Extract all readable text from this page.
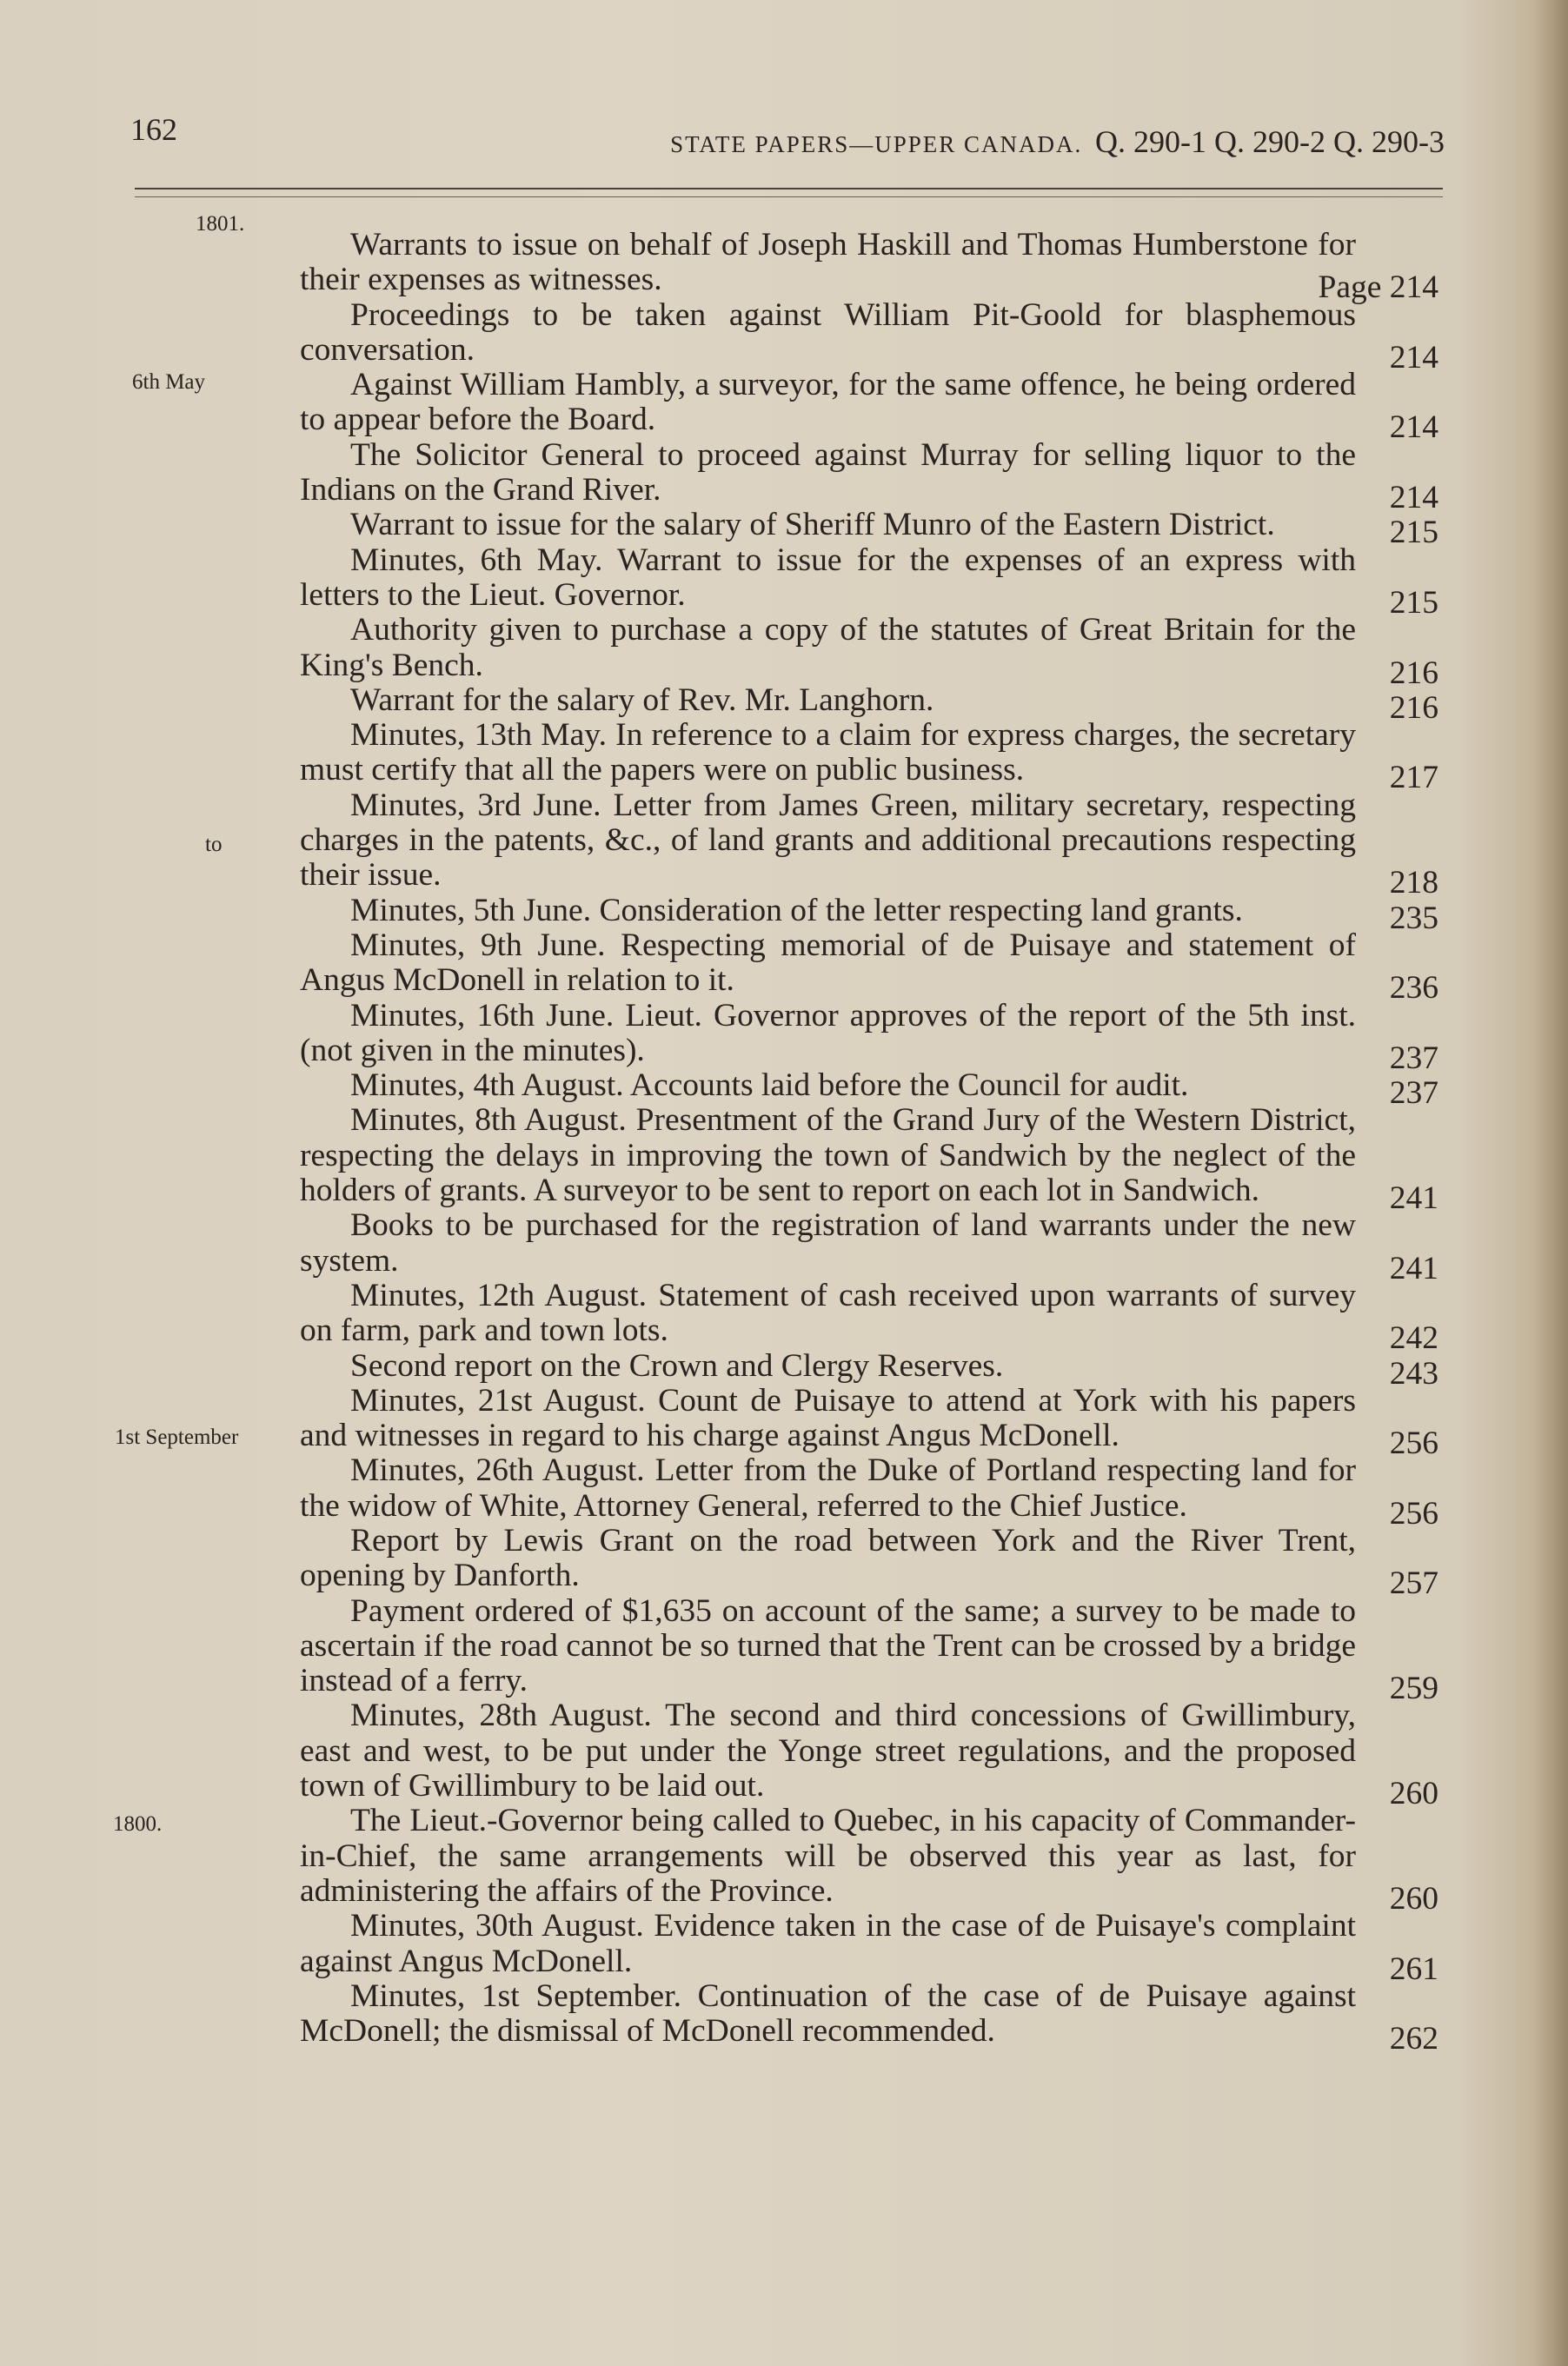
162	STATE PAPERS—UPPER CANADA. Q. 290-1 Q. 290-2 Q. 290-3
1801.
6th May
to
1st September
1800.

Warrants to issue on behalf of Joseph Haskill and Thomas Humberstone for their expenses as witnesses.	Page 214

Proceedings to be taken against William Pit-Goold for blasphemous conversation.	214

Against William Hambly, a surveyor, for the same offence, he being ordered to appear before the Board.	214

The Solicitor General to proceed against Murray for selling liquor to the Indians on the Grand River.	214

Warrant to issue for the salary of Sheriff Munro of the Eastern District.	215

Minutes, 6th May. Warrant to issue for the expenses of an express with letters to the Lieut. Governor.	215

Authority given to purchase a copy of the statutes of Great Britain for the King's Bench.	216

Warrant for the salary of Rev. Mr. Langhorn.	216

Minutes, 13th May. In reference to a claim for express charges, the secretary must certify that all the papers were on public business.	217

Minutes, 3rd June. Letter from James Green, military secretary, respecting charges in the patents, &c., of land grants and additional precautions respecting their issue.	218

Minutes, 5th June. Consideration of the letter respecting land grants.	235

Minutes, 9th June. Respecting memorial of de Puisaye and statement of Angus McDonell in relation to it.	236

Minutes, 16th June. Lieut. Governor approves of the report of the 5th inst. (not given in the minutes).	237

Minutes, 4th August. Accounts laid before the Council for audit.	237

Minutes, 8th August. Presentment of the Grand Jury of the Western District, respecting the delays in improving the town of Sandwich by the neglect of the holders of grants. A surveyor to be sent to report on each lot in Sandwich.	241

Books to be purchased for the registration of land warrants under the new system.	241

Minutes, 12th August. Statement of cash received upon warrants of survey on farm, park and town lots.	242

Second report on the Crown and Clergy Reserves.	243

Minutes, 21st August. Count de Puisaye to attend at York with his papers and witnesses in regard to his charge against Angus McDonell.	256

Minutes, 26th August. Letter from the Duke of Portland respecting land for the widow of White, Attorney General, referred to the Chief Justice.	256

Report by Lewis Grant on the road between York and the River Trent, opening by Danforth.	257

Payment ordered of $1,635 on account of the same; a survey to be made to ascertain if the road cannot be so turned that the Trent can be crossed by a bridge instead of a ferry.	259

Minutes, 28th August. The second and third concessions of Gwillimbury, east and west, to be put under the Yonge street regulations, and the proposed town of Gwillimbury to be laid out.	260

The Lieut.-Governor being called to Quebec, in his capacity of Commander-in-Chief, the same arrangements will be observed this year as last, for administering the affairs of the Province.	260

Minutes, 30th August. Evidence taken in the case of de Puisaye's complaint against Angus McDonell.	261

Minutes, 1st September. Continuation of the case of de Puisaye against McDonell; the dismissal of McDonell recommended.	262
